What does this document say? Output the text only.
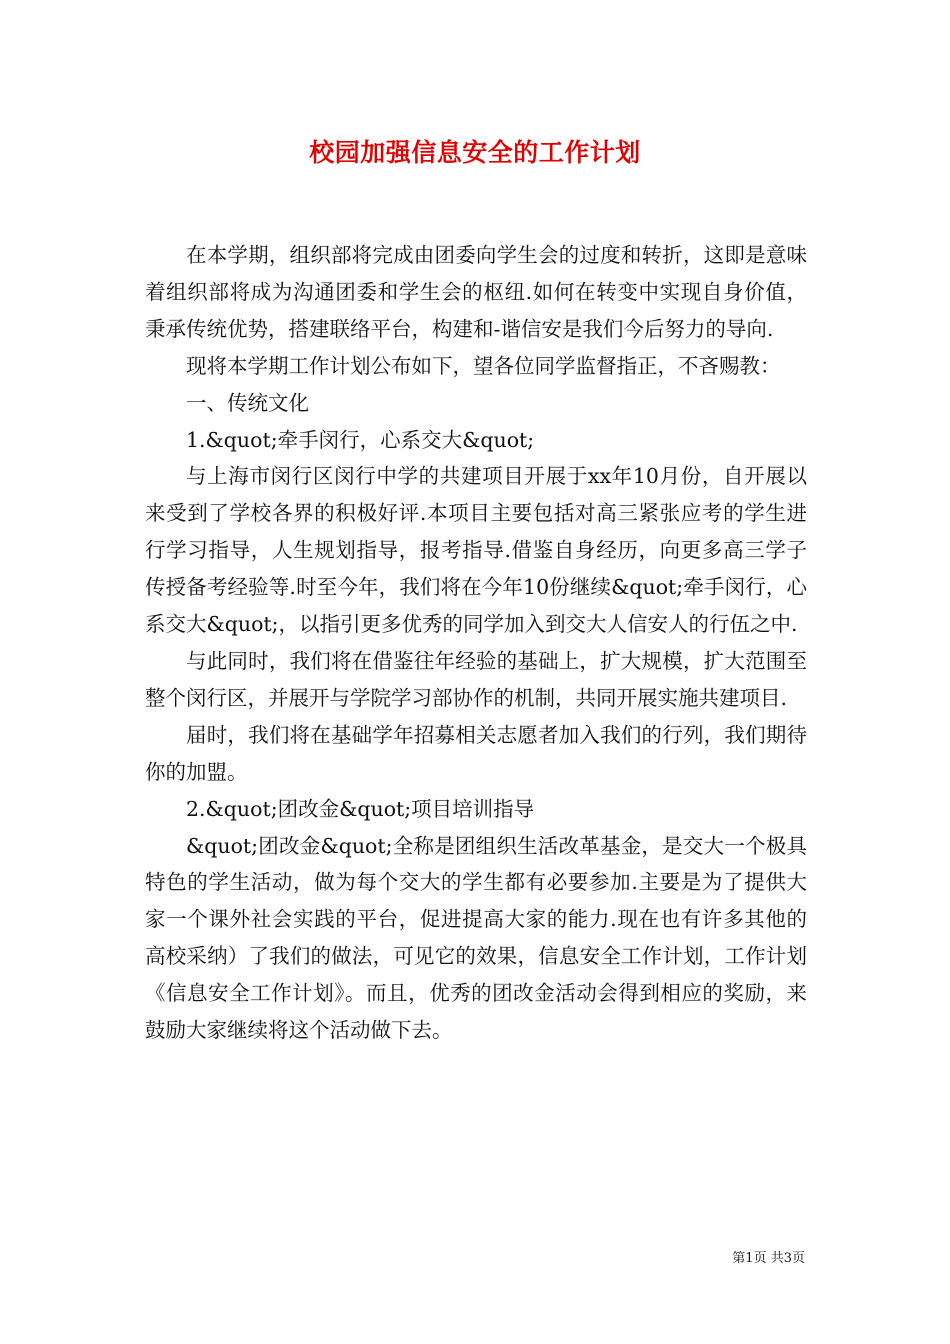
校园加强信息安全的工作计划

在本学期，组织部将完成由团委向学生会的过度和转折，这即是意味着组织部将成为沟通团委和学生会的枢纽.如何在转变中实现自身价值，秉承传统优势，搭建联络平台，构建和-谐信安是我们今后努力的导向.

现将本学期工作计划公布如下，望各位同学监督指正，不吝赐教：

一、传统文化

1.&quot;牵手闵行，心系交大&quot;

与上海市闵行区闵行中学的共建项目开展于xx年10月份，自开展以来受到了学校各界的积极好评.本项目主要包括对高三紧张应考的学生进行学习指导，人生规划指导，报考指导.借鉴自身经历，向更多高三学子传授备考经验等.时至今年，我们将在今年10份继续&quot;牵手闵行，心系交大&quot;，以指引更多优秀的同学加入到交大人信安人的行伍之中.

与此同时，我们将在借鉴往年经验的基础上，扩大规模，扩大范围至整个闵行区，并展开与学院学习部协作的机制，共同开展实施共建项目.

届时，我们将在基础学年招募相关志愿者加入我们的行列，我们期待你的加盟。

2.&quot;团改金&quot;项目培训指导

&quot;团改金&quot;全称是团组织生活改革基金，是交大一个极具特色的学生活动，做为每个交大的学生都有必要参加.主要是为了提供大家一个课外社会实践的平台，促进提高大家的能力.现在也有许多其他的高校采纳）了我们的做法，可见它的效果，信息安全工作计划，工作计划《信息安全工作计划》。而且，优秀的团改金活动会得到相应的奖励，来鼓励大家继续将这个活动做下去。

第1页 共3页
